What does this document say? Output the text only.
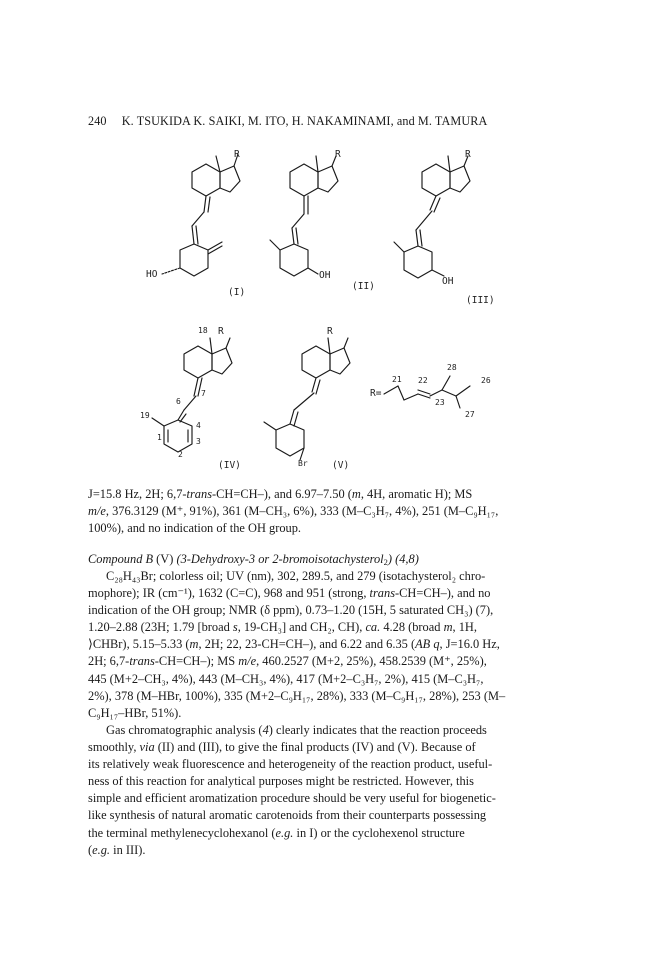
240 K. TSUKIDA K. SAIKI, M. ITO, H. NAKAMINAMI, and M. TAMURA
R
HO
(I)
R
OH
(II)
R
OH
(III)
18 R
7
6
19
4
1	3
2
(IV)
R
Br	(V)
R=
28
21 22	26
23
27

J=15.8 Hz, 2H; 6,7-trans-CH=CH–), and 6.97–7.50 (m, 4H, aromatic H); MS

m/e, 376.3129 (M⁺, 91%), 361 (M–CH₃, 6%), 333 (M–C₃H₇, 4%), 251 (M–C₉H₁₇,

100%), and no indication of the OH group.

Compound B (V) (3-Dehydroxy-3 or 2-bromoisotachysterol$_2$) (4,8)

C₂₈H₄₃Br; colorless oil; UV (nm), 302, 289.5, and 279 (isotachysterol₂ chro-

mophore); IR (cm⁻¹), 1632 (C=C), 968 and 951 (strong, trans-CH=CH–), and no

indication of the OH group; NMR (δ ppm), 0.73–1.20 (15H, 5 saturated CH₃) (7),

1.20–2.88 (23H; 1.79 [broad s, 19-CH₃] and CH₂, CH), ca. 4.28 (broad m, 1H,

⟩CHBr), 5.15–5.33 (m, 2H; 22, 23-CH=CH–), and 6.22 and 6.35 (AB q, J=16.0 Hz,

2H; 6,7-trans-CH=CH–); MS m/e, 460.2527 (M+2, 25%), 458.2539 (M⁺, 25%),

445 (M+2–CH₃, 4%), 443 (M–CH₃, 4%), 417 (M+2–C₃H₇, 2%), 415 (M–C₃H₇,

2%), 378 (M–HBr, 100%), 335 (M+2–C₉H₁₇, 28%), 333 (M–C₉H₁₇, 28%), 253 (M–

C₉H₁₇–HBr, 51%).

Gas chromatographic analysis (4) clearly indicates that the reaction proceeds

smoothly, via (II) and (III), to give the final products (IV) and (V). Because of

its relatively weak fluorescence and heterogeneity of the reaction product, useful-

ness of this reaction for analytical purposes might be restricted. However, this

simple and efficient aromatization procedure should be very useful for biogenetic-

like synthesis of natural aromatic carotenoids from their counterparts possessing

the terminal methylenecyclohexanol (e.g. in I) or the cyclohexenol structure

(e.g. in III).
